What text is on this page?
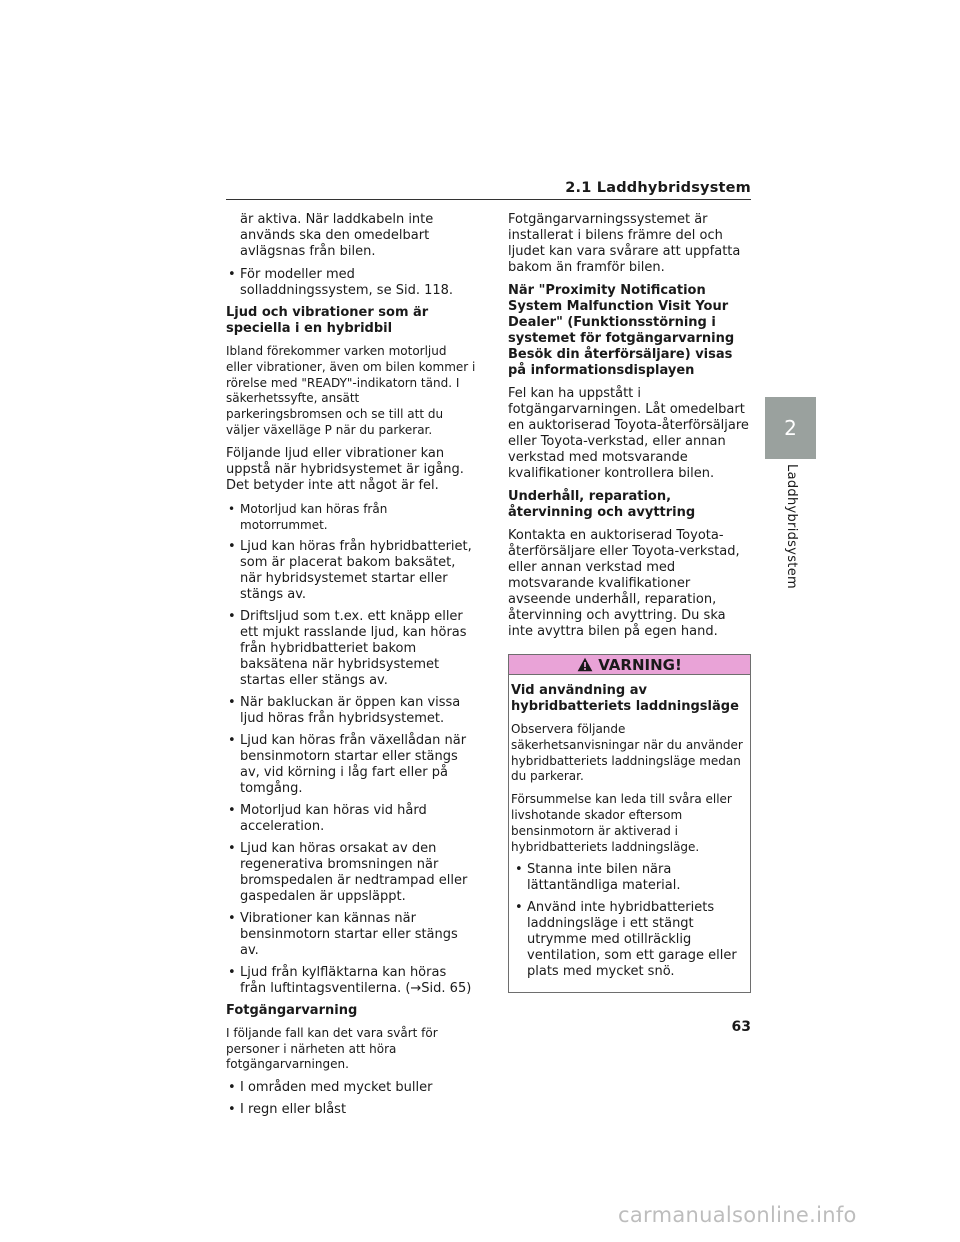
2.1 Laddhybridsystem
2
Laddhybridsystem
är aktiva. När laddkabeln inte används ska den omedelbart avlägsnas från bilen.
• För modeller med solladdningssystem, se Sid. 118.
Ljud och vibrationer som är speciella i en hybridbil
Ibland förekommer varken motorljud eller vibrationer, även om bilen kommer i rörelse med "READY"-indikatorn tänd. I säkerhetssyfte, ansätt parkeringsbromsen och se till att du väljer växelläge P när du parkerar.
Följande ljud eller vibrationer kan uppstå när hybridsystemet är igång. Det betyder inte att något är fel.
• Motorljud kan höras från motorrummet.
• Ljud kan höras från hybridbatteriet, som är placerat bakom baksätet, när hybridsystemet startar eller stängs av.
• Driftsljud som t.ex. ett knäpp eller ett mjukt rasslande ljud, kan höras från hybridbatteriet bakom baksätena när hybridsystemet startas eller stängs av.
• När bakluckan är öppen kan vissa ljud höras från hybridsystemet.
• Ljud kan höras från växellådan när bensinmotorn startar eller stängs av, vid körning i låg fart eller på tomgång.
• Motorljud kan höras vid hård acceleration.
• Ljud kan höras orsakat av den regenerativa bromsningen när bromspedalen är nedtrampad eller gaspedalen är uppsläppt.
• Vibrationer kan kännas när bensinmotorn startar eller stängs av.
• Ljud från kylfläktarna kan höras från luftintagsventilerna. (→Sid. 65)
Fotgängarvarning
I följande fall kan det vara svårt för personer i närheten att höra fotgängarvarningen.
• I områden med mycket buller
• I regn eller blåst
Fotgängarvarningssystemet är installerat i bilens främre del och ljudet kan vara svårare att uppfatta bakom än framför bilen.
När "Proximity Notification System Malfunction Visit Your Dealer" (Funktionsstörning i systemet för fotgängarvarning Besök din återförsäljare) visas på informationsdisplayen
Fel kan ha uppstått i fotgängarvarningen. Låt omedelbart en auktoriserad Toyota-återförsäljare eller Toyota-verkstad, eller annan verkstad med motsvarande kvalifikationer kontrollera bilen.
Underhåll, reparation, återvinning och avyttring
Kontakta en auktoriserad Toyota-återförsäljare eller Toyota-verkstad, eller annan verkstad med motsvarande kvalifikationer avseende underhåll, reparation, återvinning och avyttring. Du ska inte avyttra bilen på egen hand.
VARNING!
Vid användning av hybridbatteriets laddningsläge
Observera följande säkerhetsanvisningar när du använder hybridbatteriets laddningsläge medan du parkerar.
Försummelse kan leda till svåra eller livshotande skador eftersom bensinmotorn är aktiverad i hybridbatteriets laddningsläge.
• Stanna inte bilen nära lättantändliga material.
• Använd inte hybridbatteriets laddningsläge i ett stängt utrymme med otillräcklig ventilation, som ett garage eller plats med mycket snö.
63
carmanualsonline.info
